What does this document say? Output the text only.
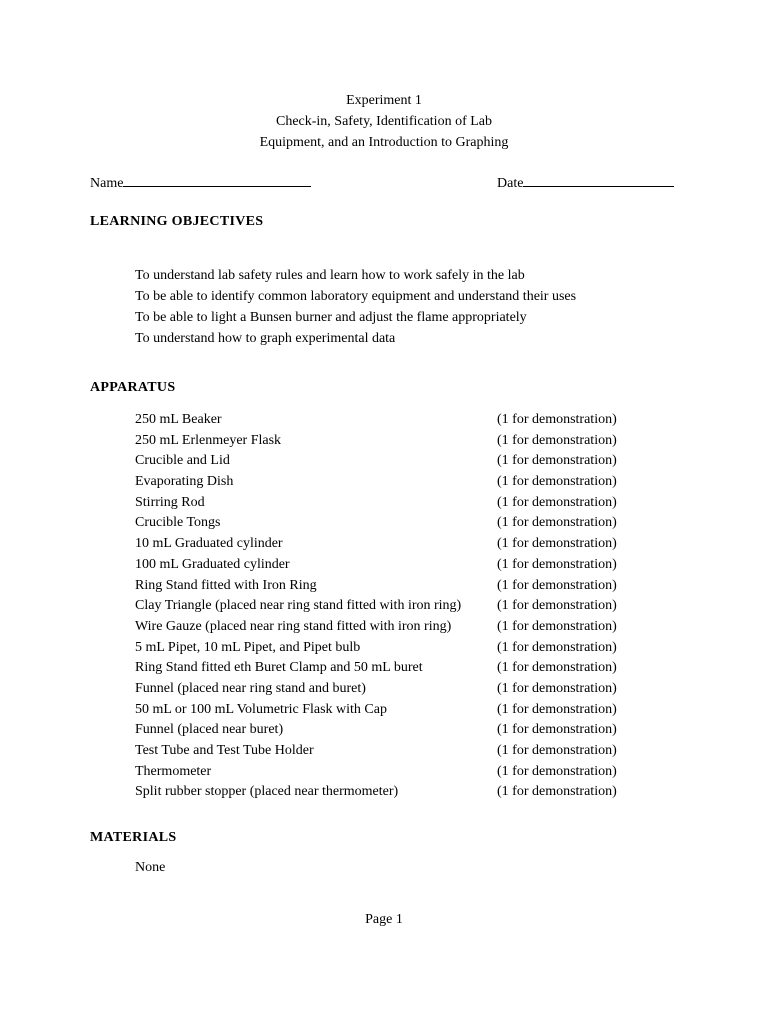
Experiment 1
Check-in, Safety, Identification of Lab
Equipment, and an Introduction to Graphing
Name	Date
LEARNING OBJECTIVES
To understand lab safety rules and learn how to work safely in the lab
To be able to identify common laboratory equipment and understand their uses
To be able to light a Bunsen burner and adjust the flame appropriately
To understand how to graph experimental data
APPARATUS
250 mL Beaker	(1 for demonstration)
250 mL Erlenmeyer Flask	(1 for demonstration)
Crucible and Lid	(1 for demonstration)
Evaporating Dish	(1 for demonstration)
Stirring Rod	(1 for demonstration)
Crucible Tongs	(1 for demonstration)
10 mL Graduated cylinder	(1 for demonstration)
100 mL Graduated cylinder	(1 for demonstration)
Ring Stand fitted with Iron Ring	(1 for demonstration)
Clay Triangle (placed near ring stand fitted with iron ring)	(1 for demonstration)
Wire Gauze (placed near ring stand fitted with iron ring)	(1 for demonstration)
5 mL Pipet, 10 mL Pipet, and Pipet bulb	(1 for demonstration)
Ring Stand fitted eth Buret Clamp and 50 mL buret	(1 for demonstration)
Funnel (placed near ring stand and buret)	(1 for demonstration)
50 mL or 100 mL Volumetric Flask with Cap	(1 for demonstration)
Funnel (placed near buret)	(1 for demonstration)
Test Tube and Test Tube Holder	(1 for demonstration)
Thermometer	(1 for demonstration)
Split rubber stopper (placed near thermometer)	(1 for demonstration)
MATERIALS
None
Page 1
